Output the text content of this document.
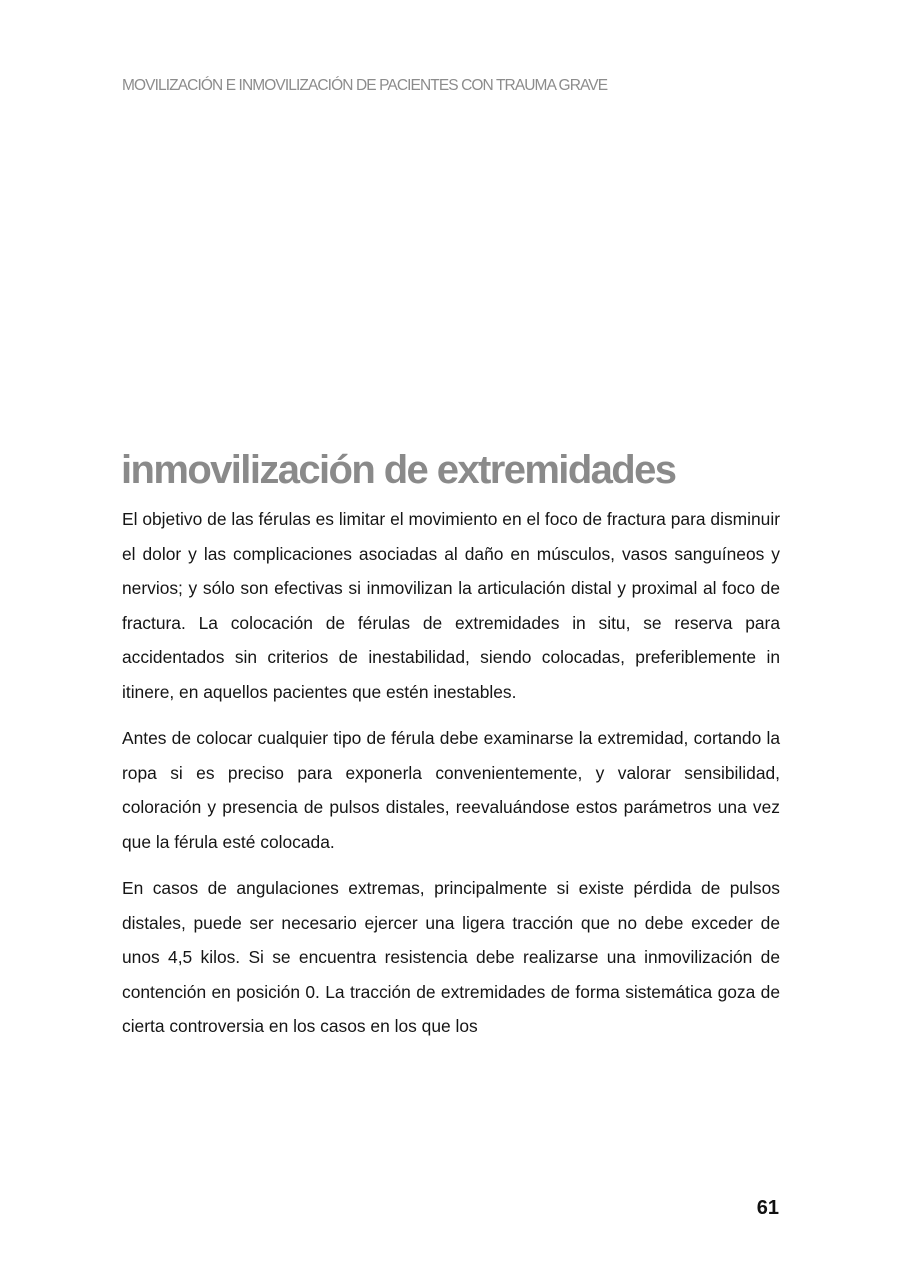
MOVILIZACIÓN E INMOVILIZACIÓN DE PACIENTES CON TRAUMA GRAVE
inmovilización de extremidades

El objetivo de las férulas es limitar el movimiento en el foco de fractura para disminuir el dolor y las complicaciones asociadas al daño en músculos, vasos sanguíneos y nervios; y sólo son efectivas si inmovilizan la articulación distal y proximal al foco de fractura. La colocación de férulas de extremidades in situ, se reserva para accidentados sin criterios de inestabilidad, siendo colocadas, preferiblemente in itinere, en aquellos pacientes que estén inestables.

Antes de colocar cualquier tipo de férula debe examinarse la extremidad, cortando la ropa si es preciso para exponerla convenientemente, y valorar sensibilidad, coloración y presencia de pulsos distales, reevaluándose estos parámetros una vez que la férula esté colocada.

En casos de angulaciones extremas, principalmente si existe pérdida de pulsos distales, puede ser necesario ejercer una ligera tracción que no debe exceder de unos 4,5 kilos. Si se encuentra resistencia debe realizarse una inmovilización de contención en posición 0. La tracción de extremidades de forma sistemática goza de cierta controversia en los casos en los que los

61
